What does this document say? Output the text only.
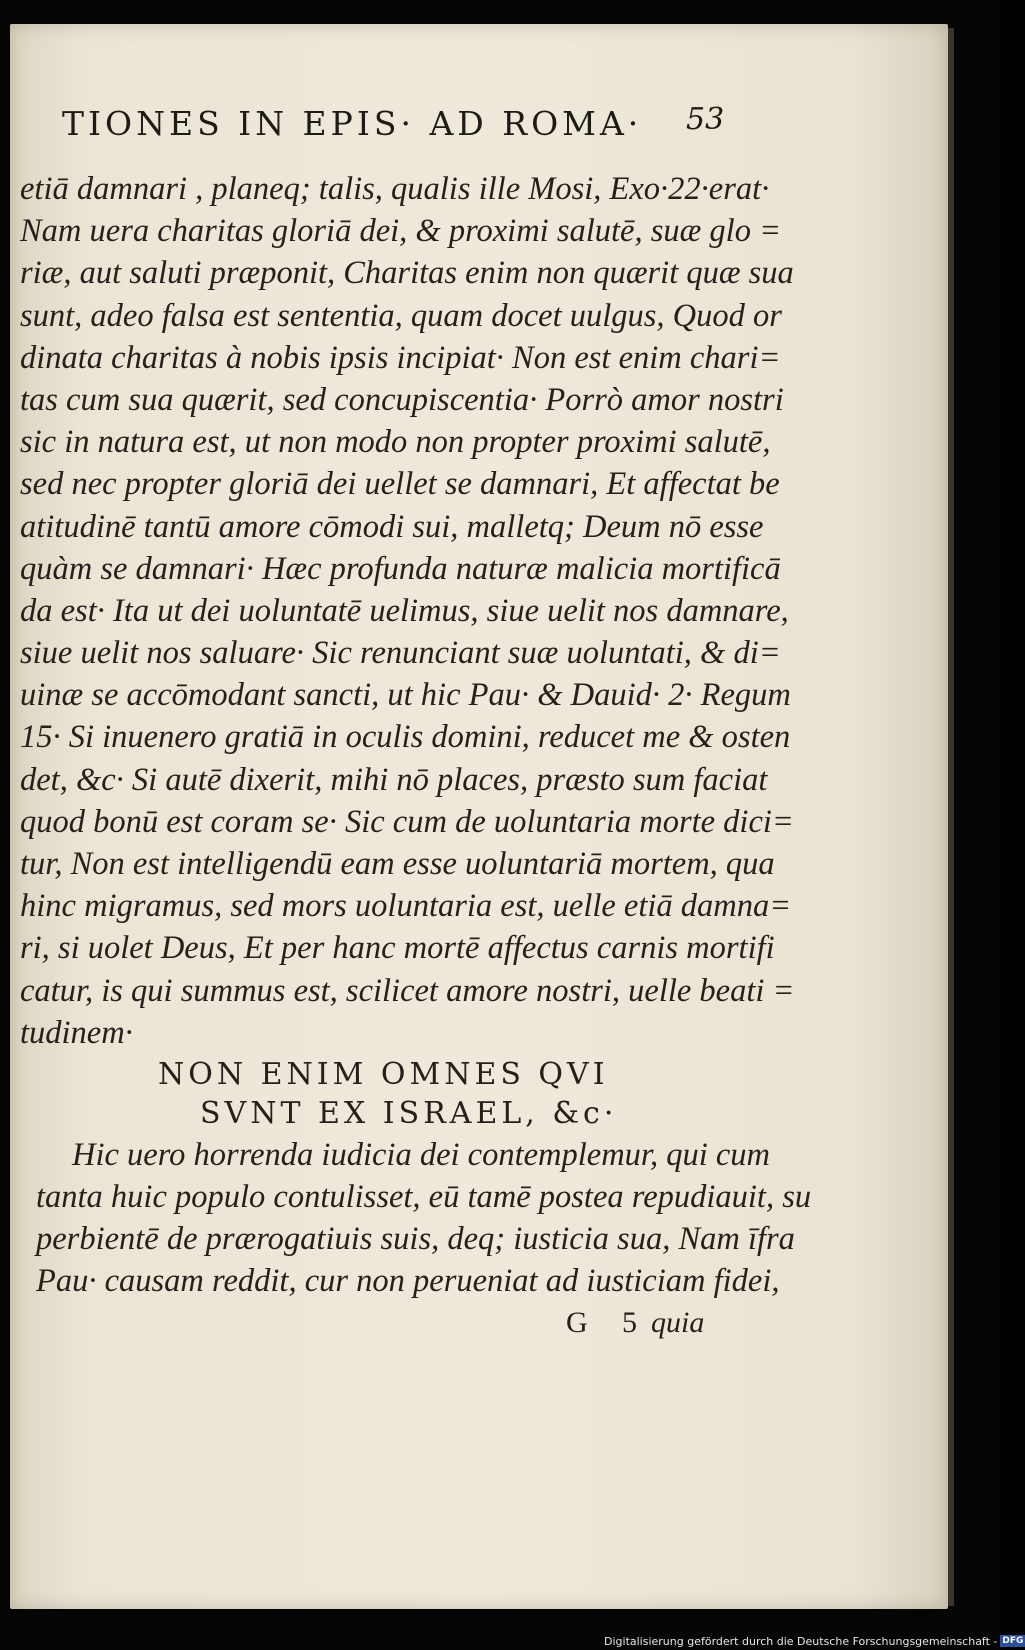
TIONES IN EPIS· AD ROMA·	53
etiā damnari , planeq; talis, qualis ille Mosi, Exo·22·erat·
Nam uera charitas gloriā dei, & proximi salutē, suæ glo =
riæ, aut saluti præponit, Charitas enim non quærit quæ sua
sunt, adeo falsa est sententia, quam docet uulgus, Quod or
dinata charitas à nobis ipsis incipiat· Non est enim chari=
tas cum sua quærit, sed concupiscentia· Porrò amor nostri
sic in natura est, ut non modo non propter proximi salutē,
sed nec propter gloriā dei uellet se damnari, Et affectat be
atitudinē tantū amore cōmodi sui, malletq; Deum nō esse
quàm se damnari· Hæc profunda naturæ malicia mortificā
da est· Ita ut dei uoluntatē uelimus, siue uelit nos damnare,
siue uelit nos saluare· Sic renunciant suæ uoluntati, & di=
uinæ se accōmodant sancti, ut hic Pau· & Dauid· 2· Regum
15· Si inuenero gratiā in oculis domini, reducet me & osten
det, &c· Si autē dixerit, mihi nō places, præsto sum faciat
quod bonū est coram se· Sic cum de uoluntaria morte dici=
tur, Non est intelligendū eam esse uoluntariā mortem, qua
hinc migramus, sed mors uoluntaria est, uelle etiā damna=
ri, si uolet Deus, Et per hanc mortē affectus carnis mortifi
catur, is qui summus est, scilicet amore nostri, uelle beati =
tudinem·
NON ENIM OMNES QVI
SVNT EX ISRAEL, &c·
Hic uero horrenda iudicia dei contemplemur, qui cum
tanta huic populo contulisset, eū tamē postea repudiauit, su
perbientē de prærogatiuis suis, deq; iusticia sua, Nam īfra
Pau· causam reddit, cur non perueniat ad iusticiam fidei,
G 5 quia
Digitalisierung gefördert durch die Deutsche Forschungsgemeinschaft - DFG
